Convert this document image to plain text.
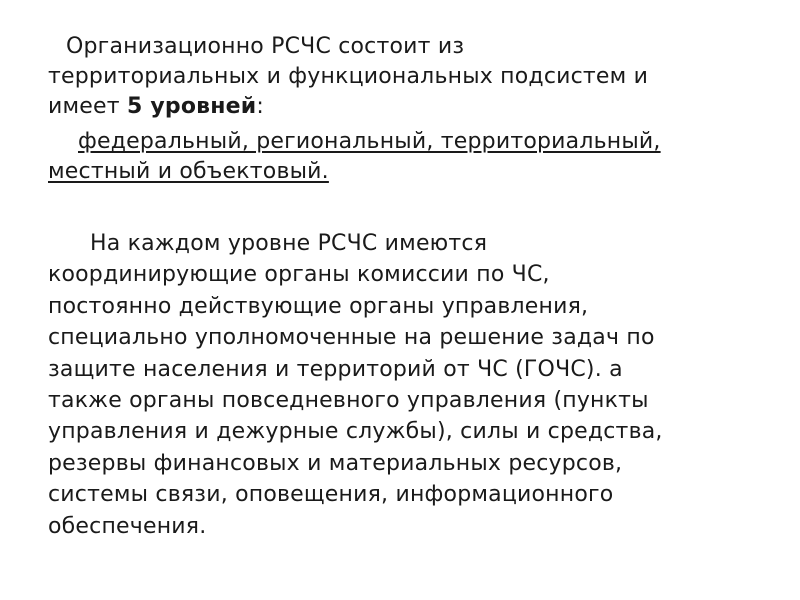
Организационно РСЧС состоит из
территориальных и функциональных подсистем и
имеет 5 уровней:

федеральный, региональный, территориальный,
местный и объектовый.

На каждом уровне РСЧС имеются
координирующие органы комиссии по ЧС,
постоянно действующие органы управления,
специально уполномоченные на решение задач по
защите населения и территорий от ЧС (ГОЧС). а
также органы повседневного управления (пункты
управления и дежурные службы), силы и средства,
резервы финансовых и материальных ресурсов,
системы связи, оповещения, информационного
обеспечения.
